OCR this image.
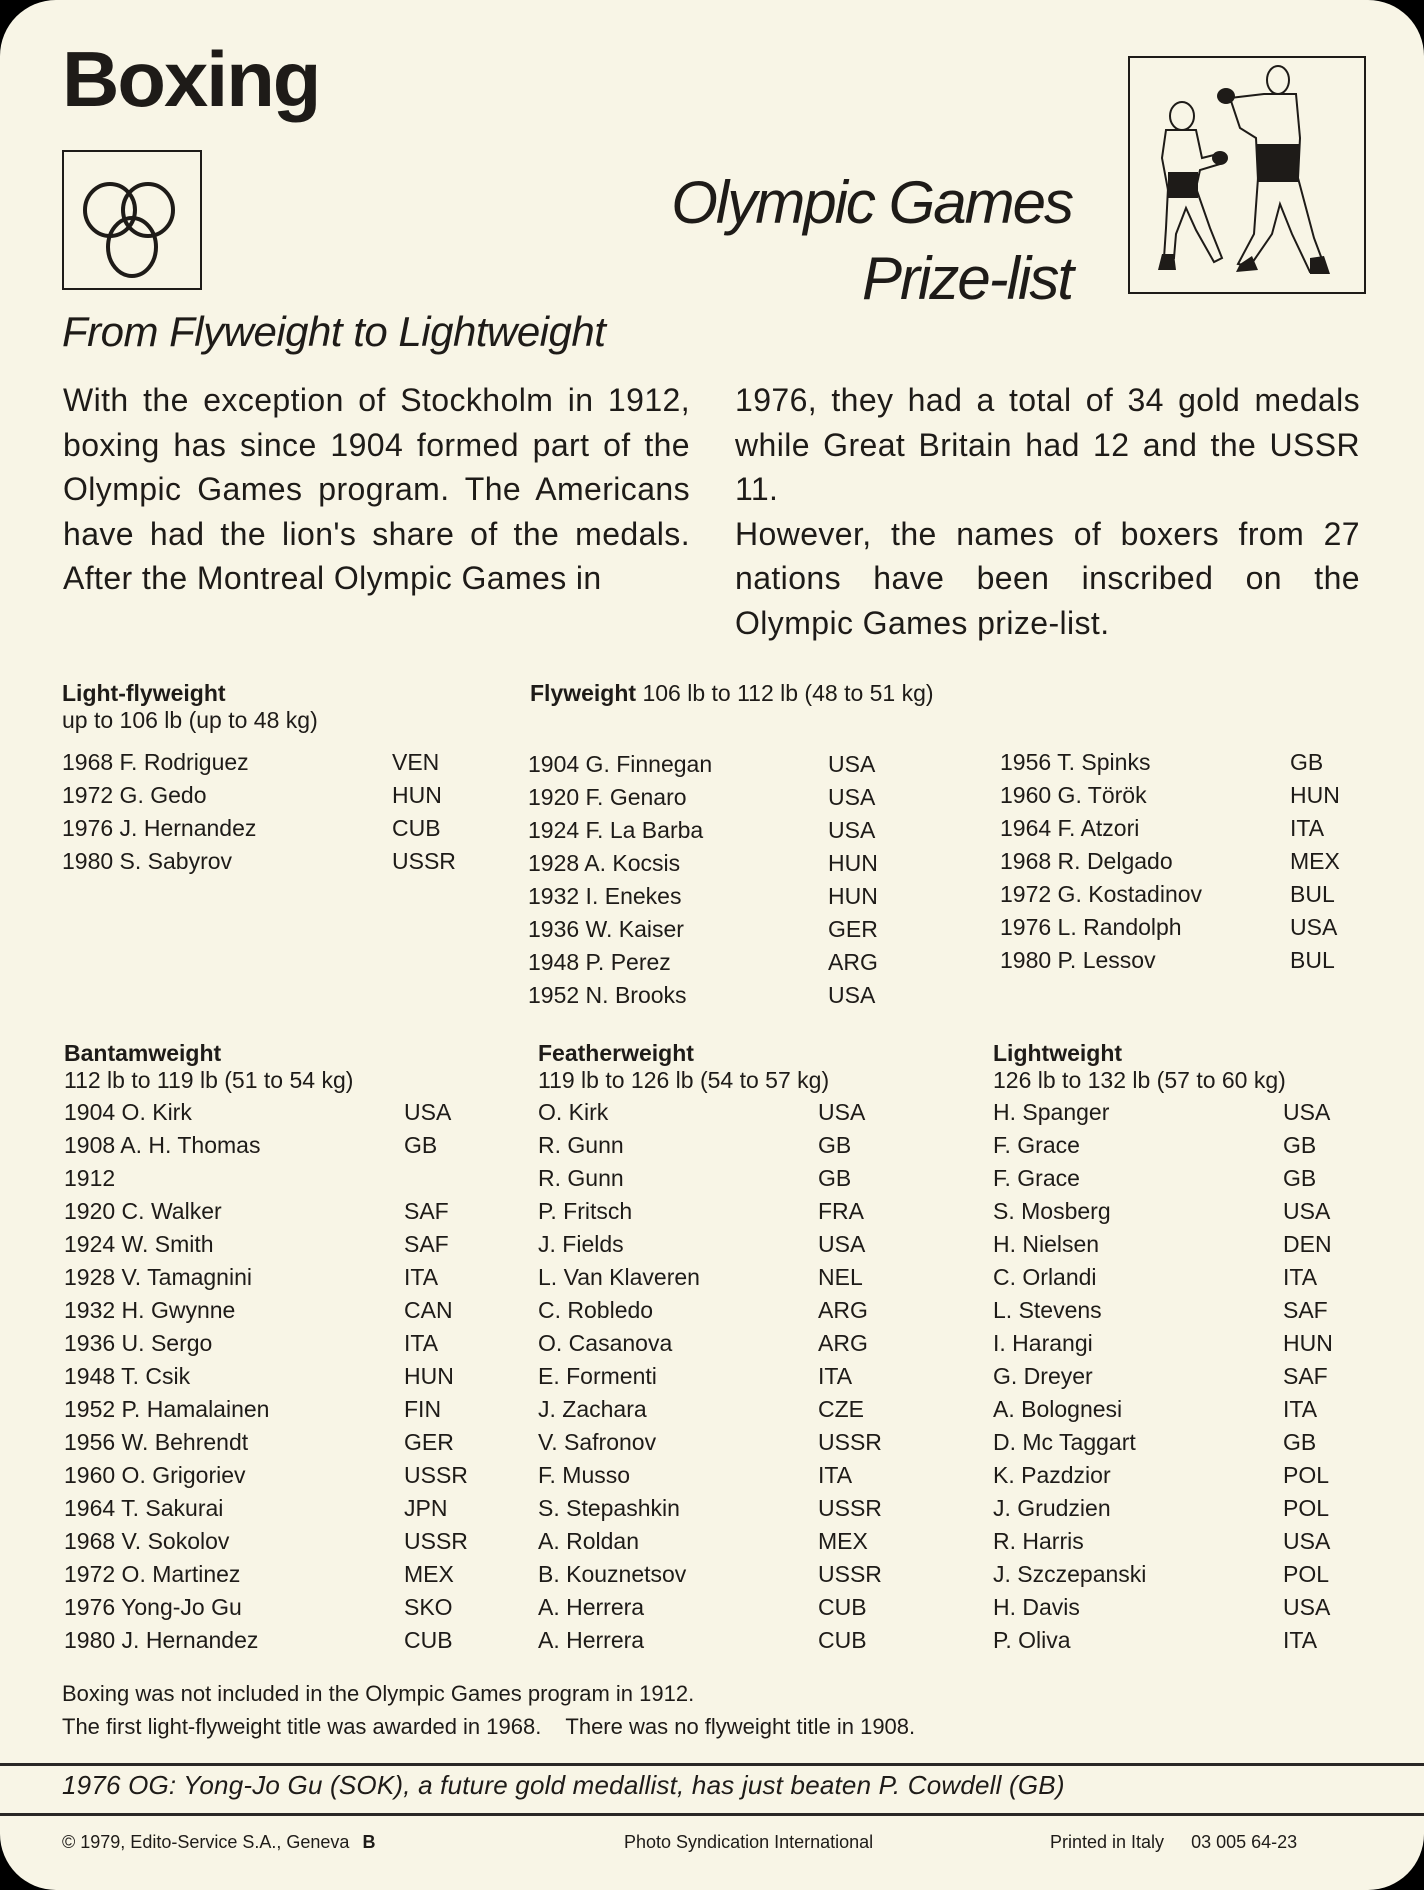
Boxing
Olympic Games
Prize-list
From Flyweight to Lightweight

With the exception of Stockholm in 1912, boxing has since 1904 formed part of the Olympic Games program. The Americans have had the lion's share of the medals. After the Montreal Olympic Games in

1976, they had a total of 34 gold medals while Great Britain had 12 and the USSR 11.

However, the names of boxers from 27 nations have been inscribed on the Olympic Games prize-list.

Light-flyweight
up to 106 lb (up to 48 kg)
1968 F. Rodriguez	VEN
1972 G. Gedo	HUN
1976 J. Hernandez	CUB
1980 S. Sabyrov	USSR
Flyweight 106 lb to 112 lb (48 to 51 kg)
1904 G. Finnegan	USA
1920 F. Genaro	USA
1924 F. La Barba	USA
1928 A. Kocsis	HUN
1932 I. Enekes	HUN
1936 W. Kaiser	GER
1948 P. Perez	ARG
1952 N. Brooks	USA
1956 T. Spinks	GB
1960 G. Török	HUN
1964 F. Atzori	ITA
1968 R. Delgado	MEX
1972 G. Kostadinov	BUL
1976 L. Randolph	USA
1980 P. Lessov	BUL
Bantamweight
112 lb to 119 lb (51 to 54 kg)
1904 O. Kirk	USA
1908 A. H. Thomas	GB
1912
1920 C. Walker	SAF
1924 W. Smith	SAF
1928 V. Tamagnini	ITA
1932 H. Gwynne	CAN
1936 U. Sergo	ITA
1948 T. Csik	HUN
1952 P. Hamalainen	FIN
1956 W. Behrendt	GER
1960 O. Grigoriev	USSR
1964 T. Sakurai	JPN
1968 V. Sokolov	USSR
1972 O. Martinez	MEX
1976 Yong-Jo Gu	SKO
1980 J. Hernandez	CUB
Featherweight
119 lb to 126 lb (54 to 57 kg)
O. Kirk	USA
R. Gunn	GB
R. Gunn	GB
P. Fritsch	FRA
J. Fields	USA
L. Van Klaveren	NEL
C. Robledo	ARG
O. Casanova	ARG
E. Formenti	ITA
J. Zachara	CZE
V. Safronov	USSR
F. Musso	ITA
S. Stepashkin	USSR
A. Roldan	MEX
B. Kouznetsov	USSR
A. Herrera	CUB
A. Herrera	CUB
Lightweight
126 lb to 132 lb (57 to 60 kg)
H. Spanger	USA
F. Grace	GB
F. Grace	GB
S. Mosberg	USA
H. Nielsen	DEN
C. Orlandi	ITA
L. Stevens	SAF
I. Harangi	HUN
G. Dreyer	SAF
A. Bolognesi	ITA
D. Mc Taggart	GB
K. Pazdzior	POL
J. Grudzien	POL
R. Harris	USA
J. Szczepanski	POL
H. Davis	USA
P. Oliva	ITA
Boxing was not included in the Olympic Games program in 1912.
The first light-flyweight title was awarded in 1968.    There was no flyweight title in 1908.
1976 OG: Yong-Jo Gu (SOK), a future gold medallist, has just beaten P. Cowdell (GB)
© 1979, Edito-Service S.A., Geneva B	Photo Syndication International	Printed in Italy 03 005 64-23
